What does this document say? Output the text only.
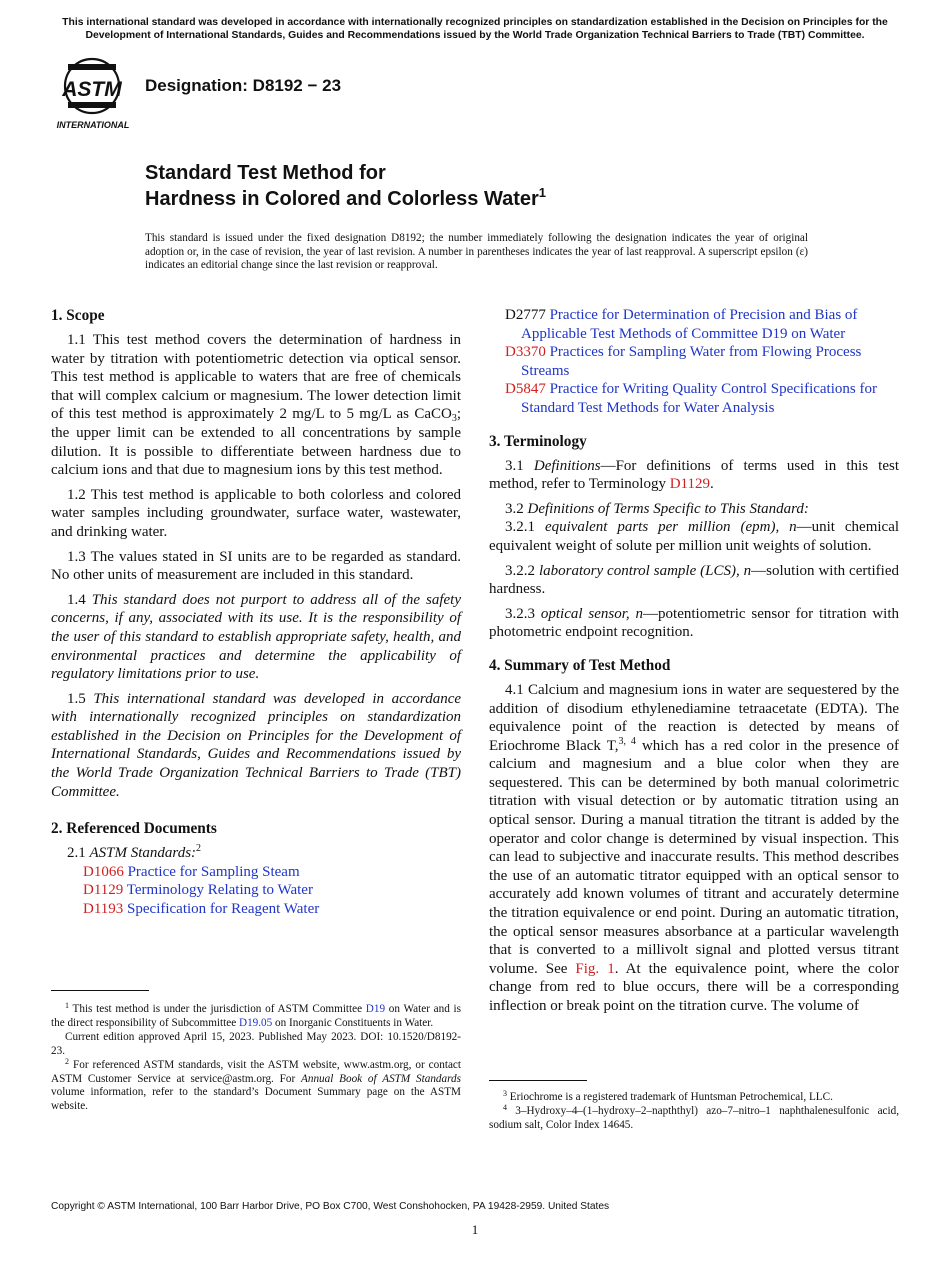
This international standard was developed in accordance with internationally recognized principles on standardization established in the Decision on Principles for the Development of International Standards, Guides and Recommendations issued by the World Trade Organization Technical Barriers to Trade (TBT) Committee.
ASTM
INTERNATIONAL
Designation: D8192 − 23
Standard Test Method for
Hardness in Colored and Colorless Water$^1$
This standard is issued under the fixed designation D8192; the number immediately following the designation indicates the year of original adoption or, in the case of revision, the year of last revision. A number in parentheses indicates the year of last reapproval. A superscript epsilon (ε) indicates an editorial change since the last revision or reapproval.
1. Scope

1.1 This test method covers the determination of hardness in water by titration with potentiometric detection via optical sensor. This test method is applicable to waters that are free of chemicals that will complex calcium or magnesium. The lower detection limit of this test method is approximately 2 mg/L to 5 mg/L as CaCO$_3$; the upper limit can be extended to all concentrations by sample dilution. It is possible to differentiate between hardness due to calcium ions and that due to magnesium ions by this test method.

1.2 This test method is applicable to both colorless and colored water samples including groundwater, surface water, wastewater, and drinking water.

1.3 The values stated in SI units are to be regarded as standard. No other units of measurement are included in this standard.

1.4 This standard does not purport to address all of the safety concerns, if any, associated with its use. It is the responsibility of the user of this standard to establish appropriate safety, health, and environmental practices and determine the applicability of regulatory limitations prior to use.

1.5 This international standard was developed in accordance with internationally recognized principles on standardization established in the Decision on Principles for the Development of International Standards, Guides and Recommendations issued by the World Trade Organization Technical Barriers to Trade (TBT) Committee.

2. Referenced Documents

2.1 ASTM Standards:$^2$

D1066 Practice for Sampling Steam
D1129 Terminology Relating to Water
D1193 Specification for Reagent Water

$^1$ This test method is under the jurisdiction of ASTM Committee D19 on Water and is the direct responsibility of Subcommittee D19.05 on Inorganic Constituents in Water.

Current edition approved April 15, 2023. Published May 2023. DOI: 10.1520/D8192-23.

$^2$ For referenced ASTM standards, visit the ASTM website, www.astm.org, or contact ASTM Customer Service at service@astm.org. For Annual Book of ASTM Standards volume information, refer to the standard’s Document Summary page on the ASTM website.

D2777 Practice for Determination of Precision and Bias of Applicable Test Methods of Committee D19 on Water
D3370 Practices for Sampling Water from Flowing Process Streams
D5847 Practice for Writing Quality Control Specifications for Standard Test Methods for Water Analysis
3. Terminology

3.1 Definitions—For definitions of terms used in this test method, refer to Terminology D1129.

3.2 Definitions of Terms Specific to This Standard:

3.2.1 equivalent parts per million (epm), n—unit chemical equivalent weight of solute per million unit weights of solution.

3.2.2 laboratory control sample (LCS), n—solution with certified hardness.

3.2.3 optical sensor, n—potentiometric sensor for titration with photometric endpoint recognition.

4. Summary of Test Method

4.1 Calcium and magnesium ions in water are sequestered by the addition of disodium ethylenediamine tetraacetate (EDTA). The equivalence point of the reaction is detected by means of Eriochrome Black T,$^{3, 4}$ which has a red color in the presence of calcium and magnesium and a blue color when they are sequestered. This can be determined by both manual colorimetric titration with visual detection or by automatic titration using an optical sensor. During a manual titration the titrant is added by the operator and color change is determined by visual inspection. This can lead to subjective and inaccurate results. This method describes the use of an automatic titrator equipped with an optical sensor to accurately add known volumes of titrant and accurately determine the titration equivalence or end point. During an automatic titration, the optical sensor measures absorbance at a particular wavelength that is converted to a millivolt signal and plotted versus titrant volume. See Fig. 1. At the equivalence point, where the color change from red to blue occurs, there will be a corresponding inflection or break point on the titration curve. The volume of

$^3$ Eriochrome is a registered trademark of Huntsman Petrochemical, LLC.

$^4$ 3–Hydroxy–4–(1–hydroxy–2–napththyl) azo–7–nitro–1 naphthalenesulfonic acid, sodium salt, Color Index 14645.

Copyright © ASTM International, 100 Barr Harbor Drive, PO Box C700, West Conshohocken, PA 19428-2959. United States
1
